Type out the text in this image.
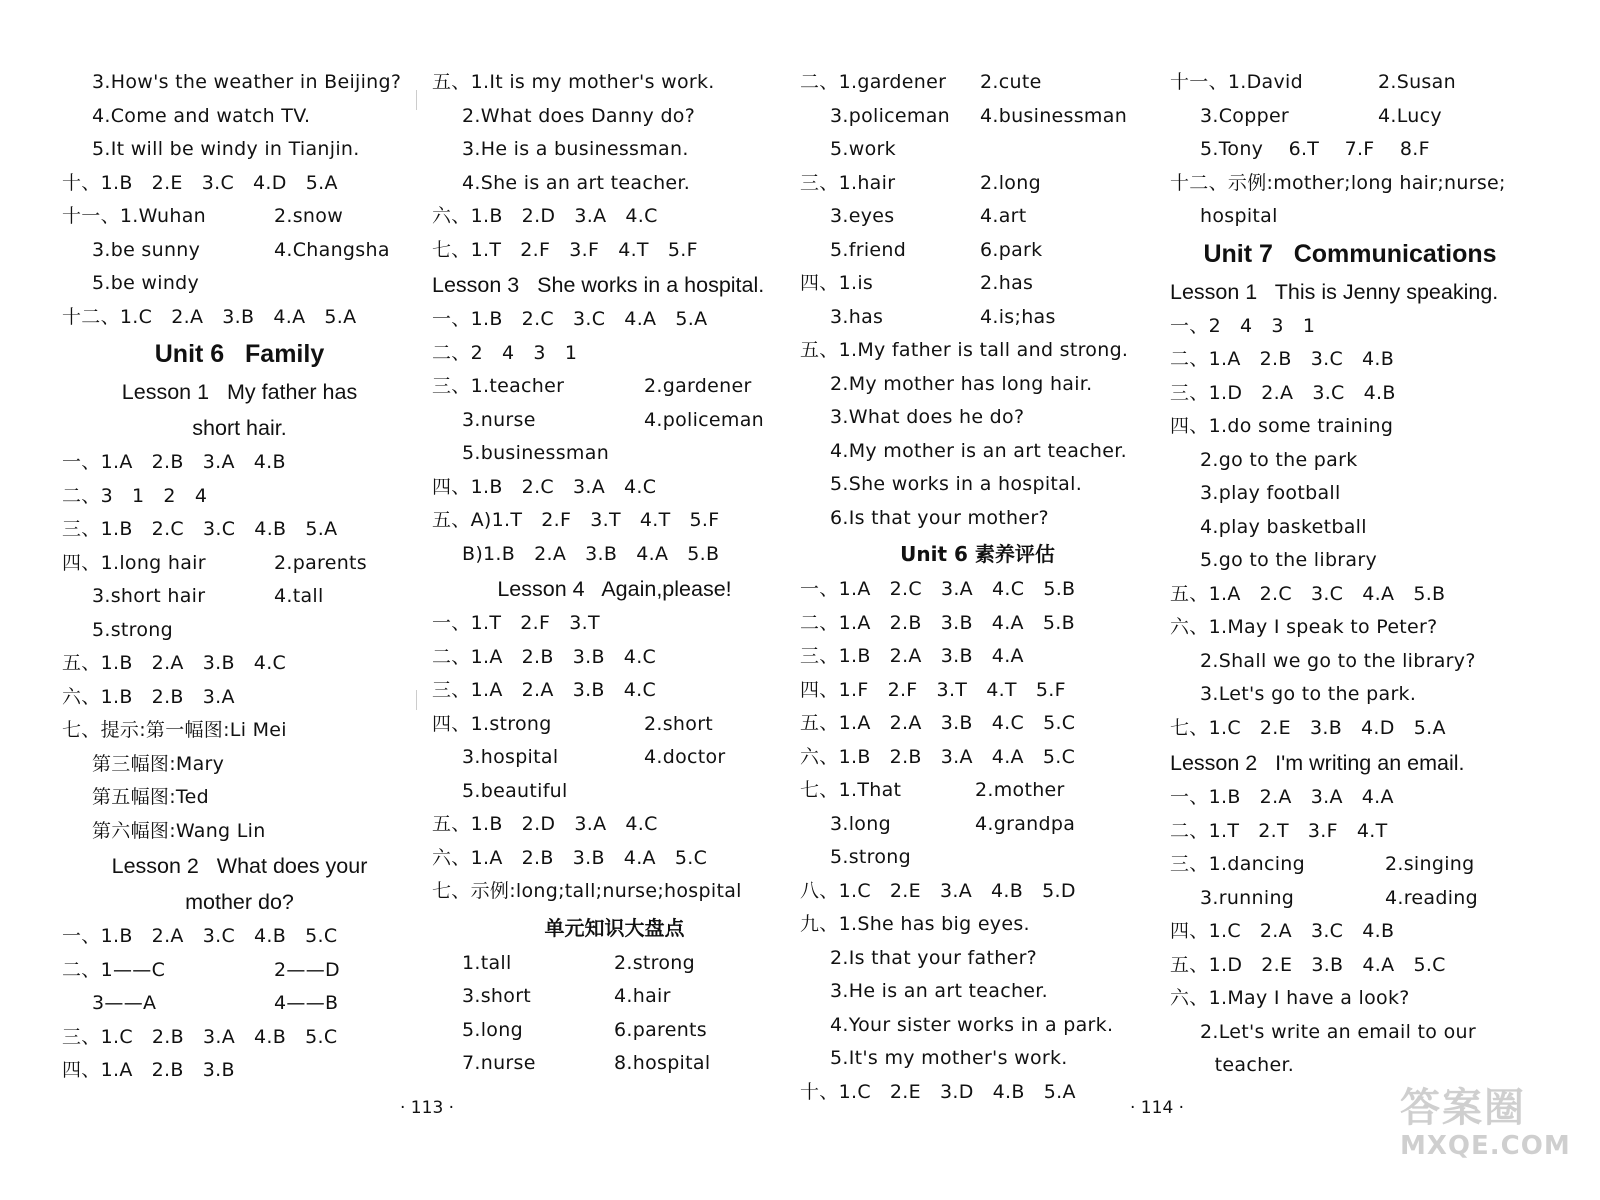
3.How's the weather in Beijing?
4.Come and watch TV.
5.It will be windy in Tianjin.
十、1.B   2.E   3.C   4.D   5.A
十一、1.Wuhan	2.snow
3.be sunny	4.Changsha
5.be windy
十二、1.C   2.A   3.B   4.A   5.A
Unit 6   Family
Lesson 1   My father has
short hair.
一、1.A   2.B   3.A   4.B
二、3   1   2   4
三、1.B   2.C   3.C   4.B   5.A
四、1.long hair	2.parents
3.short hair	4.tall
5.strong
五、1.B   2.A   3.B   4.C
六、1.B   2.B   3.A
七、提示:第一幅图:Li Mei
第三幅图:Mary
第五幅图:Ted
第六幅图:Wang Lin
Lesson 2   What does your
mother do?
一、1.B   2.A   3.C   4.B   5.C
二、1——C	2——D
3——A	4——B
三、1.C   2.B   3.A   4.B   5.C
四、1.A   2.B   3.B
五、1.It is my mother's work.
2.What does Danny do?
3.He is a businessman.
4.She is an art teacher.
六、1.B   2.D   3.A   4.C
七、1.T   2.F   3.F   4.T   5.F
Lesson 3   She works in a hospital.
一、1.B   2.C   3.C   4.A   5.A
二、2   4   3   1
三、1.teacher	2.gardener
3.nurse	4.policeman
5.businessman
四、1.B   2.C   3.A   4.C
五、A)1.T   2.F   3.T   4.T   5.F
B)1.B   2.A   3.B   4.A   5.B
Lesson 4   Again,please!
一、1.T   2.F   3.T
二、1.A   2.B   3.B   4.C
三、1.A   2.A   3.B   4.C
四、1.strong	2.short
3.hospital	4.doctor
5.beautiful
五、1.B   2.D   3.A   4.C
六、1.A   2.B   3.B   4.A   5.C
七、示例:long;tall;nurse;hospital
单元知识大盘点
1.tall	2.strong
3.short	4.hair
5.long	6.parents
7.nurse	8.hospital
二、1.gardener 2.cute
3.policeman 4.businessman
5.work
三、1.hair	2.long
3.eyes	4.art
5.friend	6.park
四、1.is	2.has
3.has	4.is;has
五、1.My father is tall and strong.
2.My mother has long hair.
3.What does he do?
4.My mother is an art teacher.
5.She works in a hospital.
6.Is that your mother?
Unit 6 素养评估
一、1.A   2.C   3.A   4.C   5.B
二、1.A   2.B   3.B   4.A   5.B
三、1.B   2.A   3.B   4.A
四、1.F   2.F   3.T   4.T   5.F
五、1.A   2.A   3.B   4.C   5.C
六、1.B   2.B   3.A   4.A   5.C
七、1.That	2.mother
3.long	4.grandpa
5.strong
八、1.C   2.E   3.A   4.B   5.D
九、1.She has big eyes.
2.Is that your father?
3.He is an art teacher.
4.Your sister works in a park.
5.It's my mother's work.
十、1.C   2.E   3.D   4.B   5.A
十一、1.David	2.Susan
3.Copper	4.Lucy
5.Tony    6.T    7.F    8.F
十二、示例:mother;long hair;nurse;
hospital
Unit 7   Communications
Lesson 1   This is Jenny speaking.
一、2   4   3   1
二、1.A   2.B   3.C   4.B
三、1.D   2.A   3.C   4.B
四、1.do some training
2.go to the park
3.play football
4.play basketball
5.go to the library
五、1.A   2.C   3.C   4.A   5.B
六、1.May I speak to Peter?
2.Shall we go to the library?
3.Let's go to the park.
七、1.C   2.E   3.B   4.D   5.A
Lesson 2   I'm writing an email.
一、1.B   2.A   3.A   4.A
二、1.T   2.T   3.F   4.T
三、1.dancing	2.singing
3.running	4.reading
四、1.C   2.A   3.C   4.B
五、1.D   2.E   3.B   4.A   5.C
六、1.May I have a look?
2.Let's write an email to our
teacher.
· 113 ·	· 114 ·	答案圈
MXQE.COM
